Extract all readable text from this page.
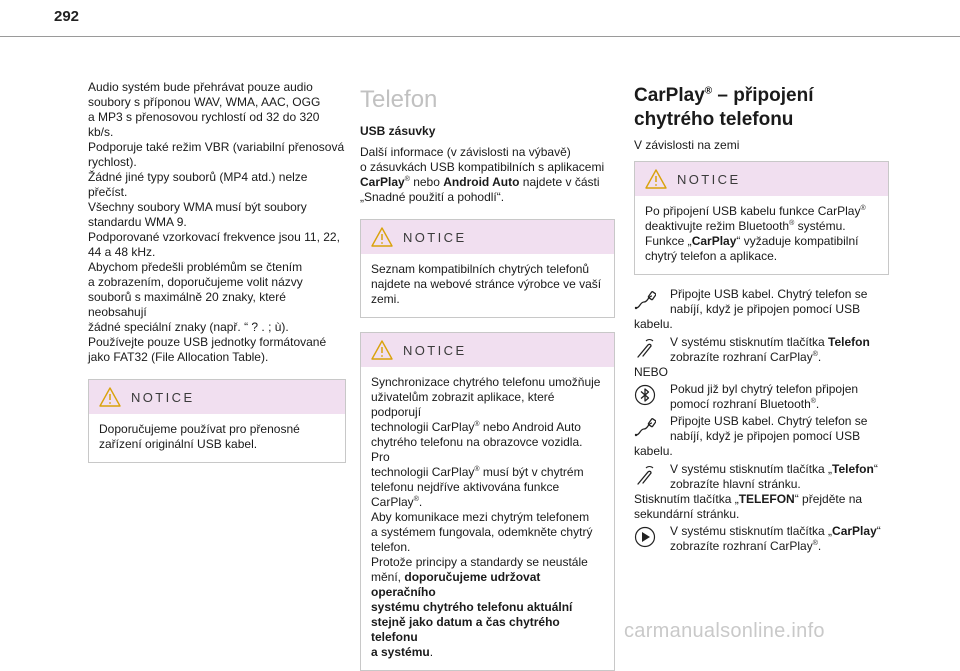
292
Audio systém bude přehrávat pouze audio
soubory s příponou WAV, WMA, AAC, OGG
a MP3 s přenosovou rychlostí od 32 do 320 kb/s.
Podporuje také režim VBR (variabilní přenosová
rychlost).
Žádné jiné typy souborů (MP4 atd.) nelze
přečíst.
Všechny soubory WMA musí být soubory
standardu WMA 9.
Podporované vzorkovací frekvence jsou 11, 22,
44 a 48 kHz.
Abychom předešli problémům se čtením
a zobrazením, doporučujeme volit názvy
souborů s maximálně 20 znaky, které neobsahují
žádné speciální znaky (např. “ ? . ; ù).
Používejte pouze USB jednotky formátované
jako FAT32 (File Allocation Table).
NOTICE
Doporučujeme používat pro přenosné
zařízení originální USB kabel.
Telefon
USB zásuvky
Další informace (v závislosti na výbavě)
o zásuvkách USB kompatibilních s aplikacemi
CarPlay® nebo Android Auto najdete v části
„Snadné použití a pohodlí“.
NOTICE
Seznam kompatibilních chytrých telefonů
najdete na webové stránce výrobce ve vaší
zemi.
NOTICE
Synchronizace chytrého telefonu umožňuje
uživatelům zobrazit aplikace, které podporují
technologii CarPlay® nebo Android Auto
chytrého telefonu na obrazovce vozidla. Pro
technologii CarPlay® musí být v chytrém
telefonu nejdříve aktivována funkce CarPlay®.
Aby komunikace mezi chytrým telefonem
a systémem fungovala, odemkněte chytrý
telefon.
Protože principy a standardy se neustále
mění, doporučujeme udržovat operačního
systému chytrého telefonu aktuální
stejně jako datum a čas chytrého telefonu
a systému.
CarPlay® – připojení
chytrého telefonu
V závislosti na zemi
NOTICE
Po připojení USB kabelu funkce CarPlay®
deaktivujte režim Bluetooth® systému.
Funkce „CarPlay“ vyžaduje kompatibilní
chytrý telefon a aplikace.
Připojte USB kabel. Chytrý telefon se
nabíjí, když je připojen pomocí USB
kabelu.
V systému stisknutím tlačítka Telefon
zobrazíte rozhraní CarPlay®.
NEBO
Pokud již byl chytrý telefon připojen
pomocí rozhraní Bluetooth®.
Připojte USB kabel. Chytrý telefon se
nabíjí, když je připojen pomocí USB
kabelu.
V systému stisknutím tlačítka „Telefon“
zobrazíte hlavní stránku.
Stisknutím tlačítka „TELEFON“ přejděte na
sekundární stránku.
V systému stisknutím tlačítka „CarPlay“
zobrazíte rozhraní CarPlay®.
carmanualsonline.info
